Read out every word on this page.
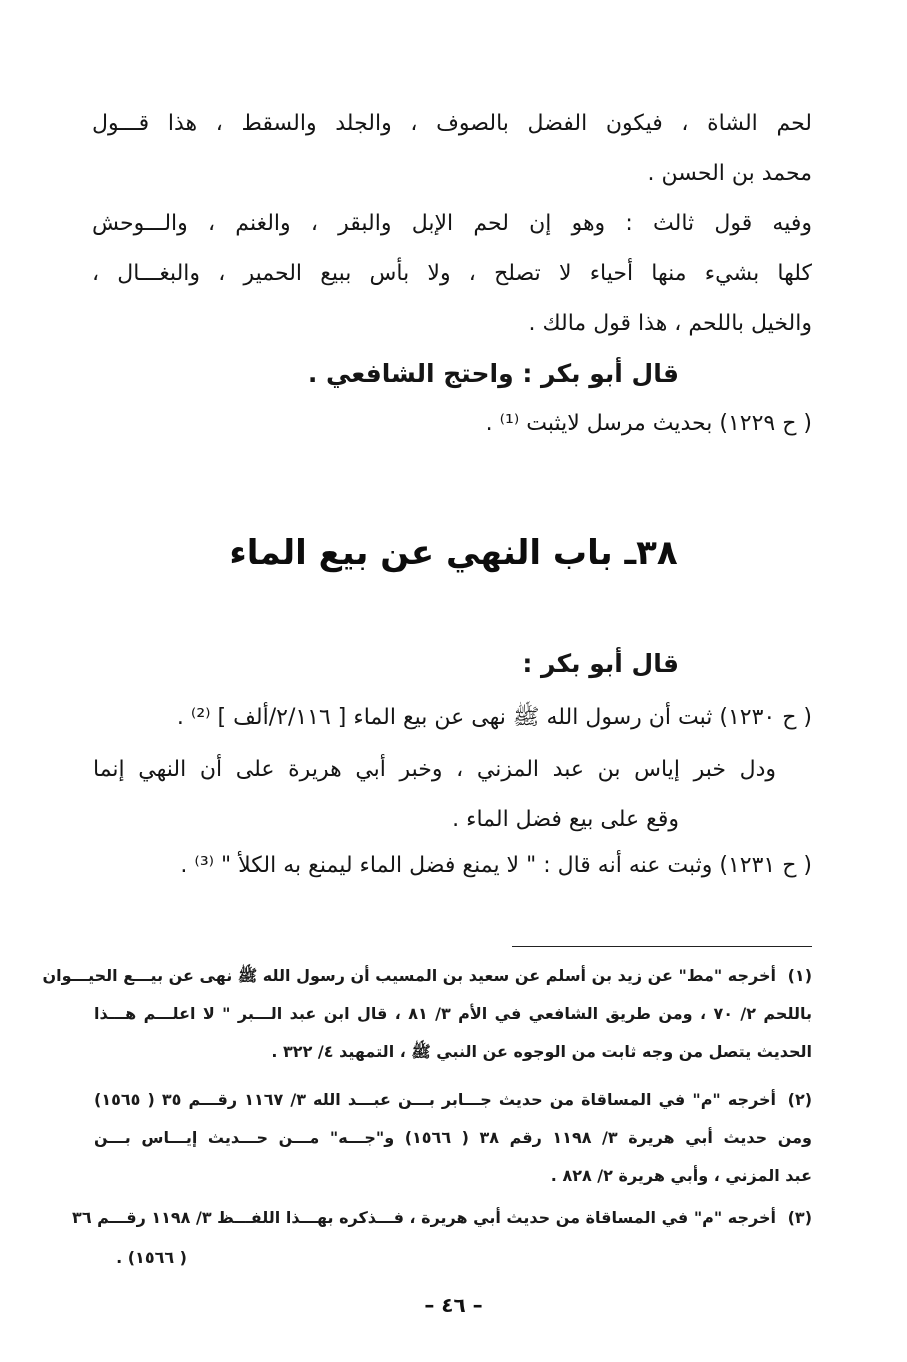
لحم الشاة ، فيكون الفضل بالصوف ، والجلد والسقط ، هذا قـــول
محمد بن الحسن .
وفيه قول ثالث : وهو إن لحم الإبل والبقر ، والغنم ، والـــوحش
كلها بشيء منها أحياء لا تصلح ، ولا بأس ببيع الحمير ، والبغـــال ،
والخيل باللحم ، هذا قول مالك .
قال أبو بكر : واحتج الشافعي .
( ح ١٢٢٩) بحديث مرسل لايثبت ⁽¹⁾ .
٣٨ـ باب النهي عن بيع الماء
قال أبو بكر :
( ح ١٢٣٠) ثبت أن رسول الله ﷺ نهى عن بيع الماء [ ٢/١١٦/ألف ] ⁽²⁾ .
ودل خبر إياس بن عبد المزني ، وخبر أبي هريرة على أن النهي إنما
وقع على بيع فضل الماء .
( ح ١٢٣١) وثبت عنه أنه قال : " لا يمنع فضل الماء ليمنع به الكلأ " ⁽³⁾ .
(١)أخرجه "مط" عن زيد بن أسلم عن سعيد بن المسيب أن رسول الله ﷺ نهى عن بيـــع الحيـــوان
باللحم ٢/ ٧٠ ، ومن طريق الشافعي في الأم ٣/ ٨١ ، قال ابن عبد الـــبر " لا اعلـــم هـــذا
الحديث يتصل من وجه ثابت من الوجوه عن النبي ﷺ ، التمهيد ٤/ ٣٢٢ .
(٢)أخرجه "م" في المساقاة من حديث جـــابر بـــن عبـــد الله ٣/ ١١٦٧ رقـــم ٣٥ ( ١٥٦٥)
ومن حديث أبي هريرة ٣/ ١١٩٨ رقم ٣٨ ( ١٥٦٦) و"جـــه" مـــن حـــديث إيـــاس بـــن
عبد المزني ، وأبي هريرة ٢/ ٨٢٨ .
(٣)أخرجه "م" في المساقاة من حديث أبي هريرة ، فـــذكره بهـــذا اللفـــظ ٣/ ١١٩٨ رقـــم ٣٦
( ١٥٦٦) .
– ٤٦ –
